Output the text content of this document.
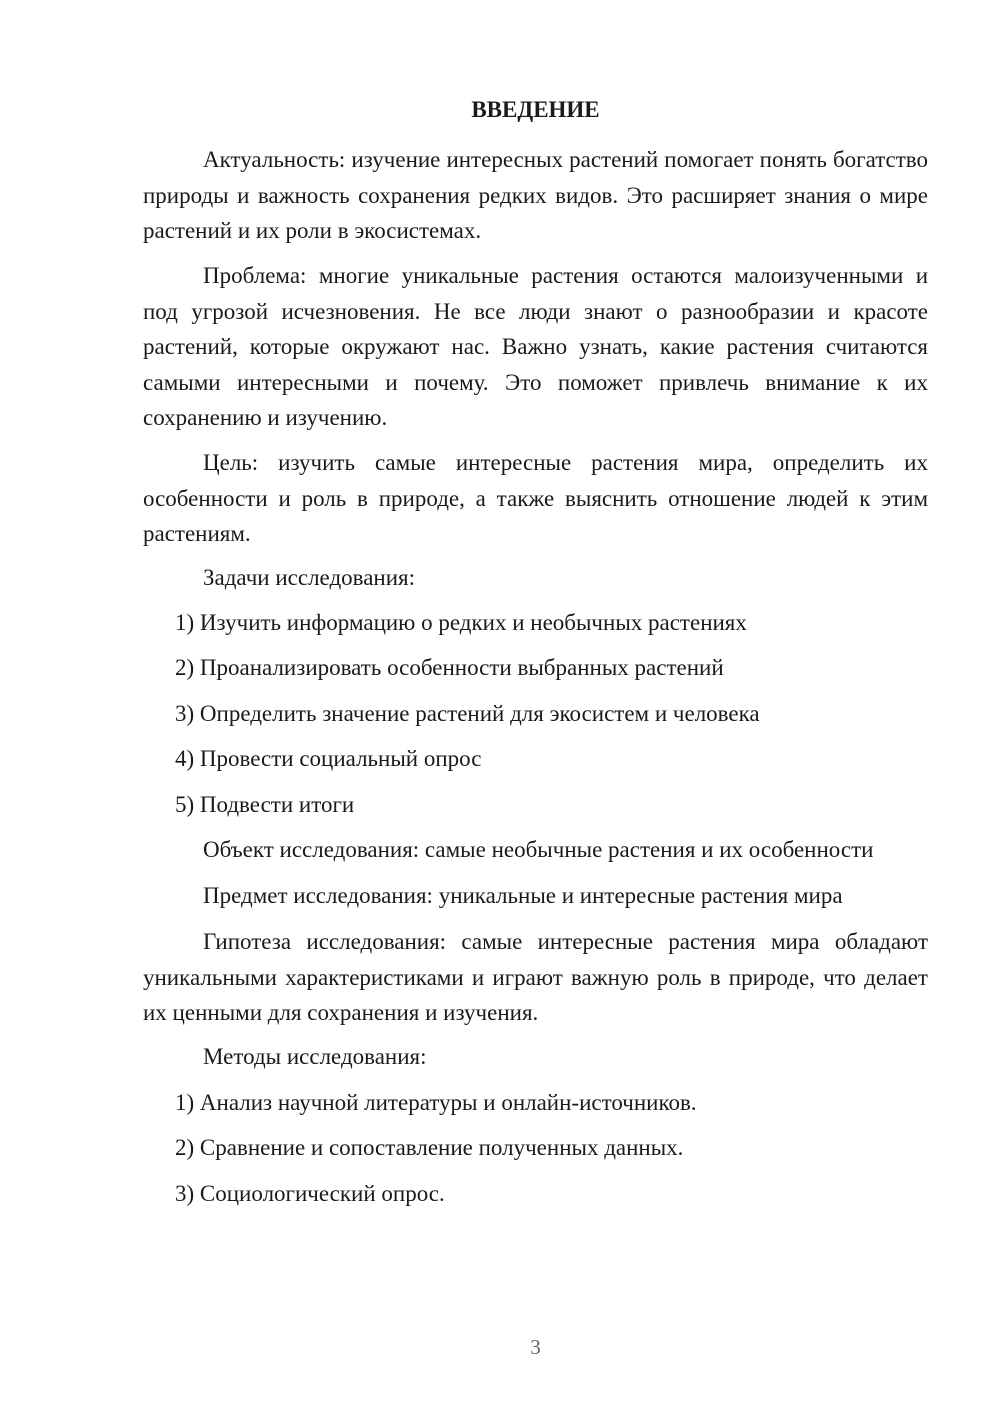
ВВЕДЕНИЕ

Актуальность: изучение интересных растений помогает понять богатство природы и важность сохранения редких видов. Это расширяет знания о мире растений и их роли в экосистемах.

Проблема: многие уникальные растения остаются малоизученными и под угрозой исчезновения. Не все люди знают о разнообразии и красоте растений, которые окружают нас. Важно узнать, какие растения считаются самыми интересными и почему. Это поможет привлечь внимание к их сохранению и изучению.

Цель: изучить самые интересные растения мира, определить их особенности и роль в природе, а также выяснить отношение людей к этим растениям.

Задачи исследования:
1) Изучить информацию о редких и необычных растениях
2) Проанализировать особенности выбранных растений
3) Определить значение растений для экосистем и человека
4) Провести социальный опрос
5) Подвести итоги
Объект исследования: самые необычные растения и их особенности
Предмет исследования: уникальные и интересные растения мира

Гипотеза исследования: самые интересные растения мира обладают уникальными характеристиками и играют важную роль в природе, что делает их ценными для сохранения и изучения.

Методы исследования:
1) Анализ научной литературы и онлайн-источников.
2) Сравнение и сопоставление полученных данных.
3) Социологический опрос.
3
